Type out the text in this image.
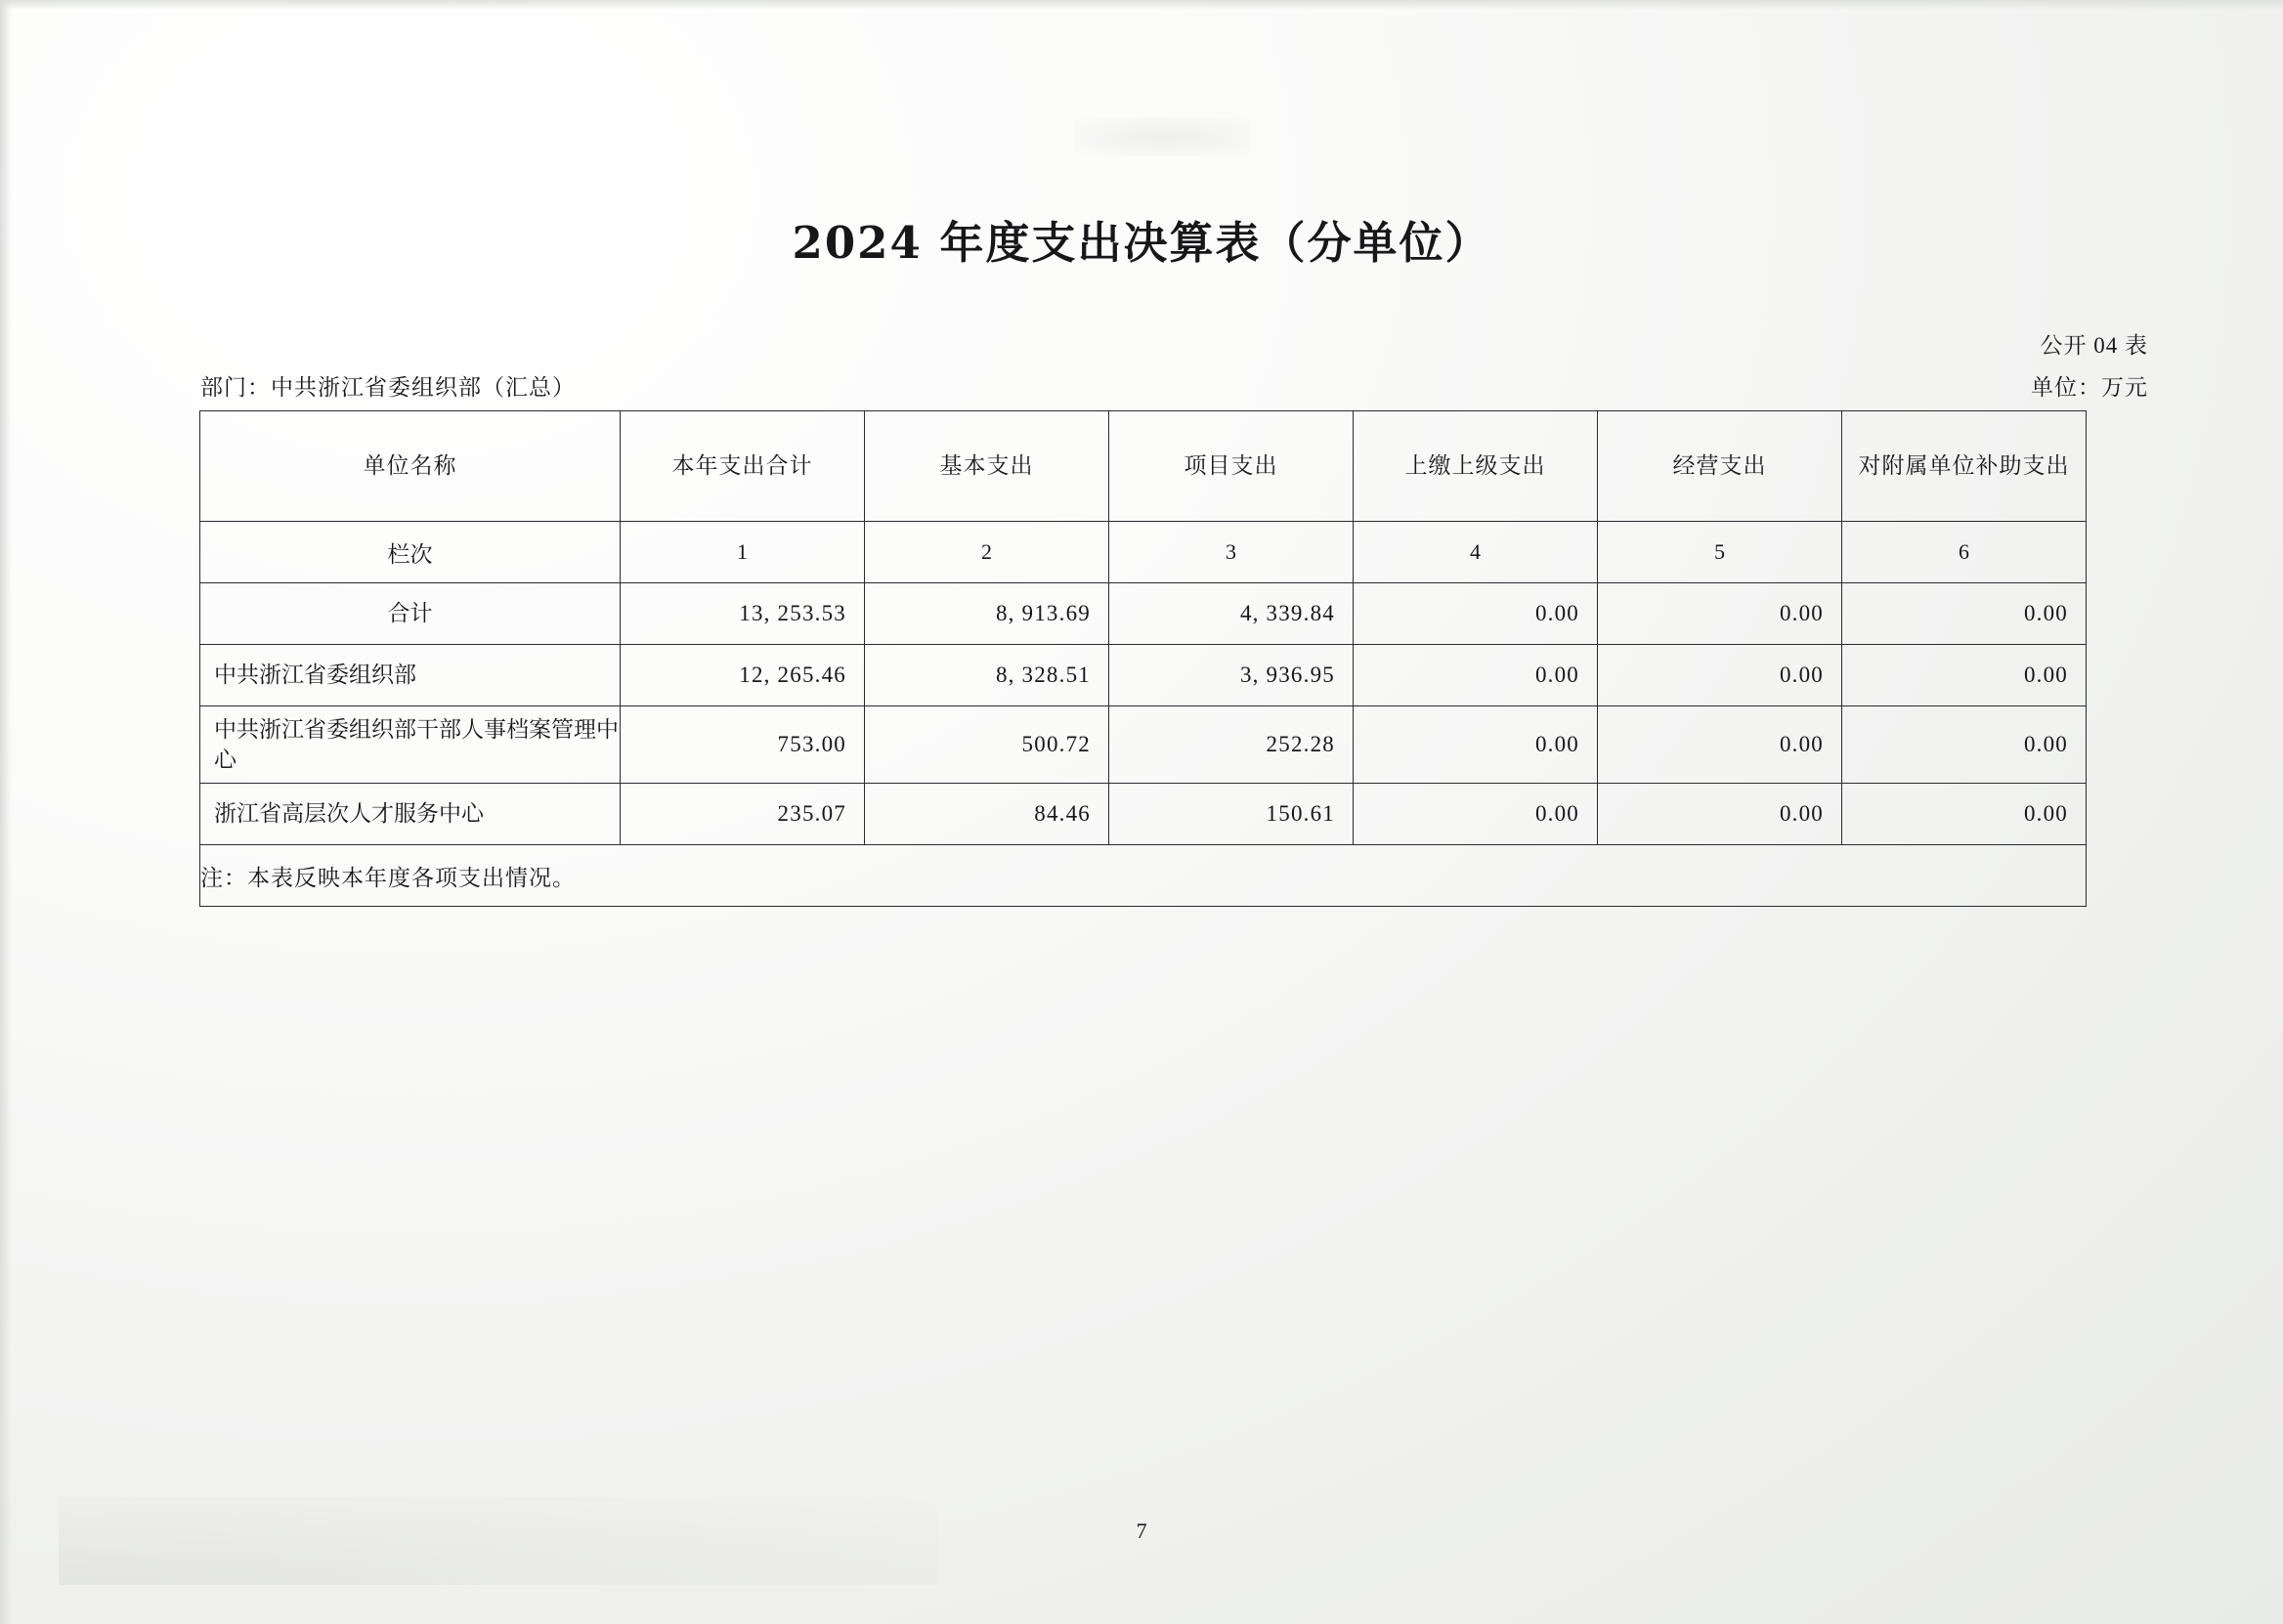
2024 年度支出决算表（分单位）
公开 04 表
单位：万元
部门：中共浙江省委组织部（汇总）
单位名称	本年支出合计	基本支出	项目支出	上缴上级支出	经营支出	对附属单位补助支出
栏次	1	2	3	4	5	6
合计	13, 253.53	8, 913.69	4, 339.84	0.00	0.00	0.00
中共浙江省委组织部	12, 265.46	8, 328.51	3, 936.95	0.00	0.00	0.00
中共浙江省委组织部干部人事档案管理中心	753.00	500.72	252.28	0.00	0.00	0.00
浙江省高层次人才服务中心	235.07	84.46	150.61	0.00	0.00	0.00
注：本表反映本年度各项支出情况。						
7
